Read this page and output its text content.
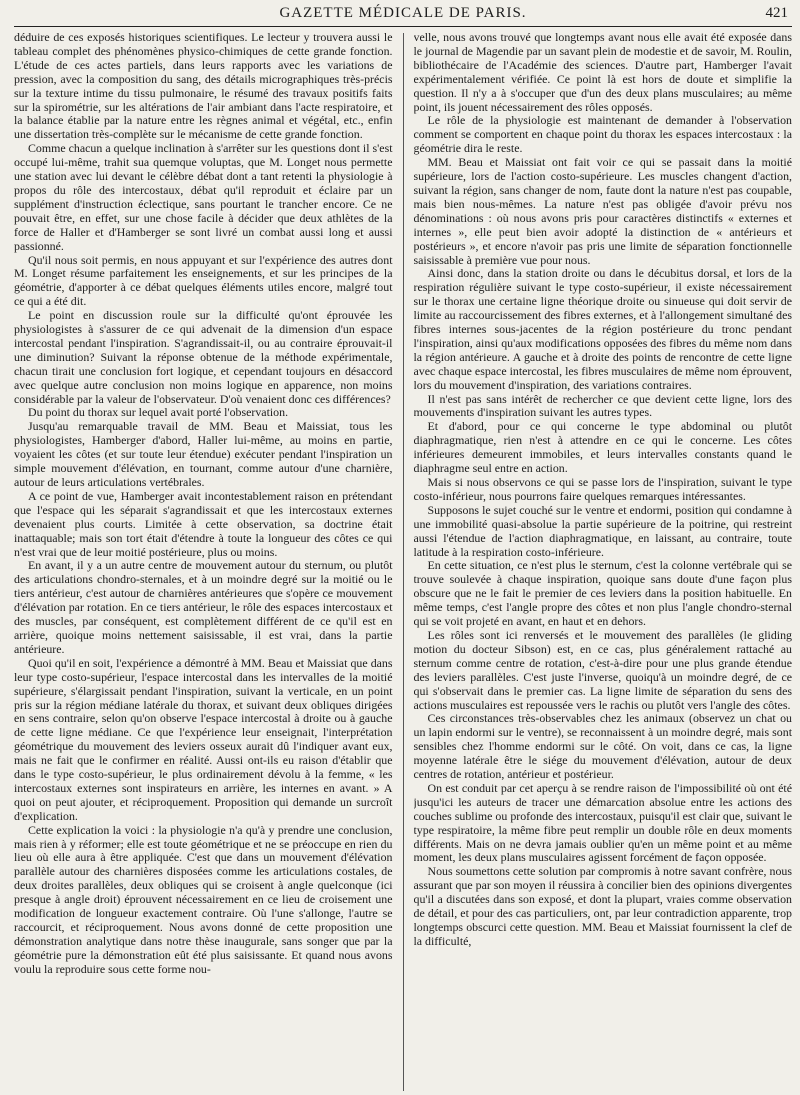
GAZETTE MÉDICALE DE PARIS.	421

déduire de ces exposés historiques scientifiques. Le lecteur y trouvera aussi le tableau complet des phénomènes physico-chimiques de cette grande fonction. L'étude de ces actes partiels, dans leurs rapports avec les variations de pression, avec la composition du sang, des détails micrographiques très-précis sur la texture intime du tissu pulmonaire, le résumé des travaux positifs faits sur la spirométrie, sur les altérations de l'air ambiant dans l'acte respiratoire, et la balance établie par la nature entre les règnes animal et végétal, etc., enfin une dissertation très-complète sur le mécanisme de cette grande fonction.

Comme chacun a quelque inclination à s'arrêter sur les questions dont il s'est occupé lui-même, trahit sua quemque voluptas, que M. Longet nous permette une station avec lui devant le célèbre débat dont a tant retenti la physiologie à propos du rôle des intercostaux, débat qu'il reproduit et éclaire par un supplément d'instruction éclectique, sans pourtant le trancher encore. Ce ne pouvait être, en effet, sur une chose facile à décider que deux athlètes de la force de Haller et d'Hamberger se sont livré un combat aussi long et aussi passionné.

Qu'il nous soit permis, en nous appuyant et sur l'expérience des autres dont M. Longet résume parfaitement les enseignements, et sur les principes de la géométrie, d'apporter à ce débat quelques éléments utiles encore, malgré tout ce qui a été dit.

Le point en discussion roule sur la difficulté qu'ont éprouvée les physiologistes à s'assurer de ce qui advenait de la dimension d'un espace intercostal pendant l'inspiration. S'agrandissait-il, ou au contraire éprouvait-il une diminution? Suivant la réponse obtenue de la méthode expérimentale, chacun tirait une conclusion fort logique, et cependant toujours en désaccord avec quelque autre conclusion non moins logique en apparence, non moins considérable par la valeur de l'observateur. D'où venaient donc ces différences?

Du point du thorax sur lequel avait porté l'observation.

Jusqu'au remarquable travail de MM. Beau et Maissiat, tous les physiologistes, Hamberger d'abord, Haller lui-même, au moins en partie, voyaient les côtes (et sur toute leur étendue) exécuter pendant l'inspiration un simple mouvement d'élévation, en tournant, comme autour d'une charnière, autour de leurs articulations vertébrales.

A ce point de vue, Hamberger avait incontestablement raison en prétendant que l'espace qui les séparait s'agrandissait et que les intercostaux externes devenaient plus courts. Limitée à cette observation, sa doctrine était inattaquable; mais son tort était d'étendre à toute la longueur des côtes ce qui n'est vrai que de leur moitié postérieure, plus ou moins.

En avant, il y a un autre centre de mouvement autour du sternum, ou plutôt des articulations chondro-sternales, et à un moindre degré sur la moitié ou le tiers antérieur, c'est autour de charnières antérieures que s'opère ce mouvement d'élévation par rotation. En ce tiers antérieur, le rôle des espaces intercostaux et des muscles, par conséquent, est complètement différent de ce qu'il est en arrière, quoique moins nettement saisissable, il est vrai, dans la partie antérieure.

Quoi qu'il en soit, l'expérience a démontré à MM. Beau et Maissiat que dans leur type costo-supérieur, l'espace intercostal dans les intervalles de la moitié supérieure, s'élargissait pendant l'inspiration, suivant la verticale, en un point pris sur la région médiane latérale du thorax, et suivant deux obliques dirigées en sens contraire, selon qu'on observe l'espace intercostal à droite ou à gauche de cette ligne médiane. Ce que l'expérience leur enseignait, l'interprétation géométrique du mouvement des leviers osseux aurait dû l'indiquer avant eux, mais ne fait que le confirmer en réalité. Aussi ont-ils eu raison d'établir que dans le type costo-supérieur, le plus ordinairement dévolu à la femme, « les intercostaux externes sont inspirateurs en arrière, les internes en avant. » A quoi on peut ajouter, et réciproquement. Proposition qui demande un surcroît d'explication.

Cette explication la voici : la physiologie n'a qu'à y prendre une conclusion, mais rien à y réformer; elle est toute géométrique et ne se préoccupe en rien du lieu où elle aura à être appliquée. C'est que dans un mouvement d'élévation parallèle autour des charnières disposées comme les articulations costales, de deux droites parallèles, deux obliques qui se croisent à angle quelconque (ici presque à angle droit) éprouvent nécessairement en ce lieu de croisement une modification de longueur exactement contraire. Où l'une s'allonge, l'autre se raccourcit, et réciproquement. Nous avons donné de cette proposition une démonstration analytique dans notre thèse inaugurale, sans songer que par la géométrie pure la démonstration eût été plus saisissante. Et quand nous avons voulu la reproduire sous cette forme nou-

velle, nous avons trouvé que longtemps avant nous elle avait été exposée dans le journal de Magendie par un savant plein de modestie et de savoir, M. Roulin, bibliothécaire de l'Académie des sciences. D'autre part, Hamberger l'avait expérimentalement vérifiée. Ce point là est hors de doute et simplifie la question. Il n'y a à s'occuper que d'un des deux plans musculaires; au même point, ils jouent nécessairement des rôles opposés.

Le rôle de la physiologie est maintenant de demander à l'observation comment se comportent en chaque point du thorax les espaces intercostaux : la géométrie dira le reste.

MM. Beau et Maissiat ont fait voir ce qui se passait dans la moitié supérieure, lors de l'action costo-supérieure. Les muscles changent d'action, suivant la région, sans changer de nom, faute dont la nature n'est pas coupable, mais bien nous-mêmes. La nature n'est pas obligée d'avoir prévu nos dénominations : où nous avons pris pour caractères distinctifs « externes et internes », elle peut bien avoir adopté la distinction de « antérieurs et postérieurs », et encore n'avoir pas pris une limite de séparation fonctionnelle saisissable à première vue pour nous.

Ainsi donc, dans la station droite ou dans le décubitus dorsal, et lors de la respiration régulière suivant le type costo-supérieur, il existe nécessairement sur le thorax une certaine ligne théorique droite ou sinueuse qui doit servir de limite au raccourcissement des fibres externes, et à l'allongement simultané des fibres internes sous-jacentes de la région postérieure du tronc pendant l'inspiration, ainsi qu'aux modifications opposées des fibres du même nom dans la région antérieure. A gauche et à droite des points de rencontre de cette ligne avec chaque espace intercostal, les fibres musculaires de même nom éprouvent, lors du mouvement d'inspiration, des variations contraires.

Il n'est pas sans intérêt de rechercher ce que devient cette ligne, lors des mouvements d'inspiration suivant les autres types.

Et d'abord, pour ce qui concerne le type abdominal ou plutôt diaphragmatique, rien n'est à attendre en ce qui le concerne. Les côtes inférieures demeurent immobiles, et leurs intervalles constants quand le diaphragme seul entre en action.

Mais si nous observons ce qui se passe lors de l'inspiration, suivant le type costo-inférieur, nous pourrons faire quelques remarques intéressantes.

Supposons le sujet couché sur le ventre et endormi, position qui condamne à une immobilité quasi-absolue la partie supérieure de la poitrine, qui restreint aussi l'étendue de l'action diaphragmatique, en laissant, au contraire, toute latitude à la respiration costo-inférieure.

En cette situation, ce n'est plus le sternum, c'est la colonne vertébrale qui se trouve soulevée à chaque inspiration, quoique sans doute d'une façon plus obscure que ne le fait le premier de ces leviers dans la position habituelle. En même temps, c'est l'angle propre des côtes et non plus l'angle chondro-sternal qui se voit projeté en avant, en haut et en dehors.

Les rôles sont ici renversés et le mouvement des parallèles (le gliding motion du docteur Sibson) est, en ce cas, plus généralement rattaché au sternum comme centre de rotation, c'est-à-dire pour une plus grande étendue des leviers parallèles. C'est juste l'inverse, quoiqu'à un moindre degré, de ce qui s'observait dans le premier cas. La ligne limite de séparation du sens des actions musculaires est repoussée vers le rachis ou plutôt vers l'angle des côtes.

Ces circonstances très-observables chez les animaux (observez un chat ou un lapin endormi sur le ventre), se reconnaissent à un moindre degré, mais sont sensibles chez l'homme endormi sur le côté. On voit, dans ce cas, la ligne moyenne latérale être le siége du mouvement d'élévation, autour de deux centres de rotation, antérieur et postérieur.

On est conduit par cet aperçu à se rendre raison de l'impossibilité où ont été jusqu'ici les auteurs de tracer une démarcation absolue entre les actions des couches sublime ou profonde des intercostaux, puisqu'il est clair que, suivant le type respiratoire, la même fibre peut remplir un double rôle en deux moments différents. Mais on ne devra jamais oublier qu'en un même point et au même moment, les deux plans musculaires agissent forcément de façon opposée.

Nous soumettons cette solution par compromis à notre savant confrère, nous assurant que par son moyen il réussira à concilier bien des opinions divergentes qu'il a discutées dans son exposé, et dont la plupart, vraies comme observation de détail, et pour des cas particuliers, ont, par leur contradiction apparente, trop longtemps obscurci cette question. MM. Beau et Maissiat fournissent la clef de la difficulté,
